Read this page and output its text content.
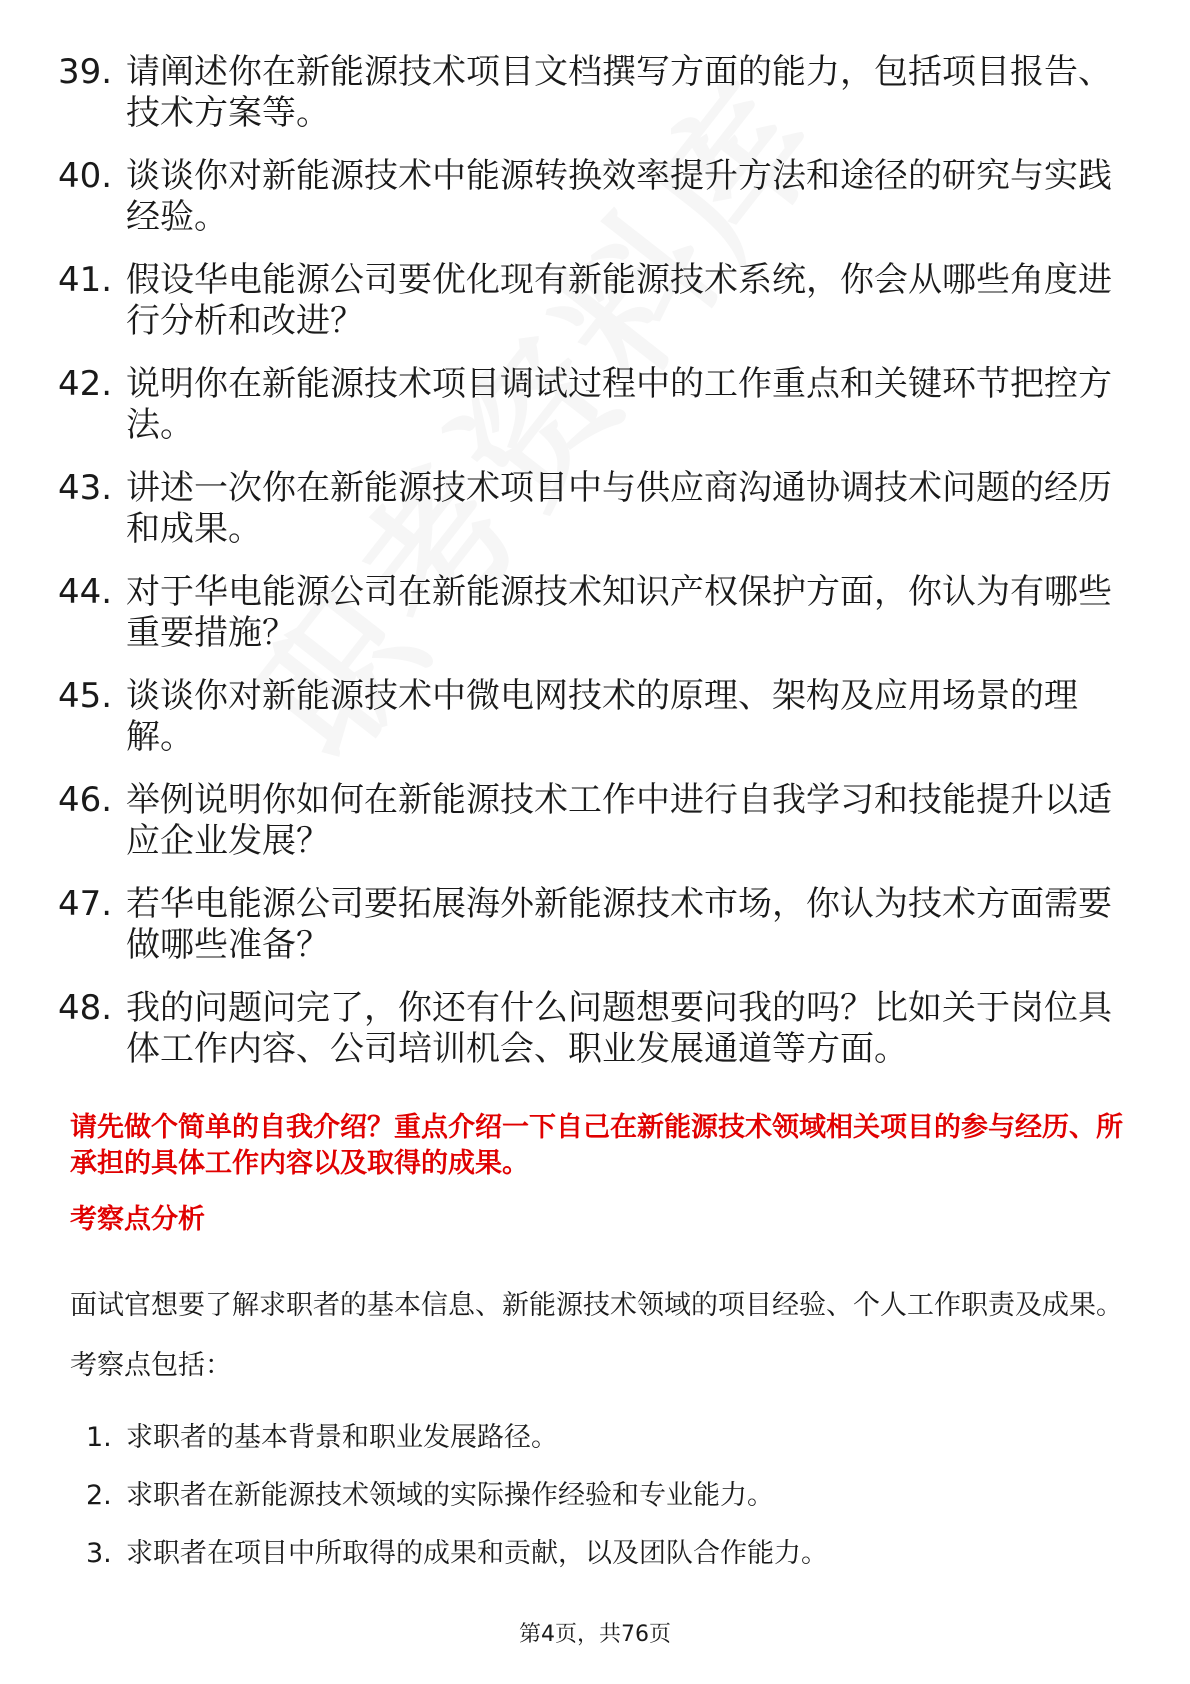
39. 请阐述你在新能源技术项目文档撰写方面的能力，包括项目报告、技术方案等。
40. 谈谈你对新能源技术中能源转换效率提升方法和途径的研究与实践经验。
41. 假设华电能源公司要优化现有新能源技术系统，你会从哪些角度进行分析和改进？
42. 说明你在新能源技术项目调试过程中的工作重点和关键环节把控方法。
43. 讲述一次你在新能源技术项目中与供应商沟通协调技术问题的经历和成果。
44. 对于华电能源公司在新能源技术知识产权保护方面，你认为有哪些重要措施？
45. 谈谈你对新能源技术中微电网技术的原理、架构及应用场景的理解。
46. 举例说明你如何在新能源技术工作中进行自我学习和技能提升以适应企业发展？
47. 若华电能源公司要拓展海外新能源技术市场，你认为技术方面需要做哪些准备？
48. 我的问题问完了，你还有什么问题想要问我的吗？比如关于岗位具体工作内容、公司培训机会、职业发展通道等方面。
请先做个简单的自我介绍？重点介绍一下自己在新能源技术领域相关项目的参与经历、所承担的具体工作内容以及取得的成果。
考察点分析
面试官想要了解求职者的基本信息、新能源技术领域的项目经验、个人工作职责及成果。考察点包括：
1. 求职者的基本背景和职业发展路径。
2. 求职者在新能源技术领域的实际操作经验和专业能力。
3. 求职者在项目中所取得的成果和贡献，以及团队合作能力。
第4页，共76页
